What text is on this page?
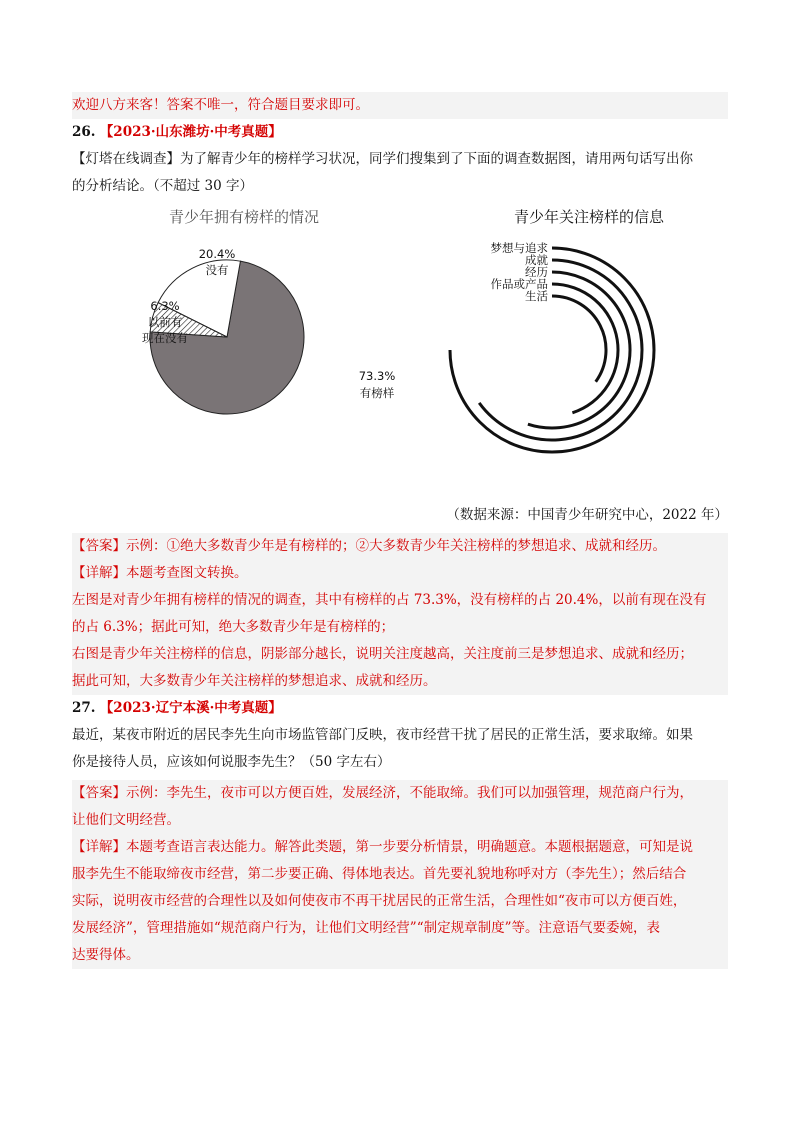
欢迎八方来客！答案不唯一，符合题目要求即可。
26. 【2023·山东潍坊·中考真题】
【灯塔在线调查】为了解青少年的榜样学习状况，同学们搜集到了下面的调查数据图，请用两句话写出你
的分析结论。（不超过 30 字）
青少年拥有榜样的情况
73.3%
有榜样
20.4%
没有
6.3%
以前有
现在没有
青少年关注榜样的信息
梦想与追求
成就
经历
作品或产品
生活
（数据来源：中国青少年研究中心，2022 年）
【答案】示例：①绝大多数青少年是有榜样的；②大多数青少年关注榜样的梦想追求、成就和经历。
【详解】本题考查图文转换。
左图是对青少年拥有榜样的情况的调查，其中有榜样的占 73.3%，没有榜样的占 20.4%，以前有现在没有
的占 6.3%；据此可知，绝大多数青少年是有榜样的；
右图是青少年关注榜样的信息，阴影部分越长，说明关注度越高，关注度前三是梦想追求、成就和经历；
据此可知，大多数青少年关注榜样的梦想追求、成就和经历。
27. 【2023·辽宁本溪·中考真题】
最近，某夜市附近的居民李先生向市场监管部门反映，夜市经营干扰了居民的正常生活，要求取缔。如果
你是接待人员，应该如何说服李先生？（50 字左右）
【答案】示例：李先生，夜市可以方便百姓，发展经济，不能取缔。我们可以加强管理，规范商户行为，
让他们文明经营。
【详解】本题考查语言表达能力。解答此类题，第一步要分析情景，明确题意。本题根据题意，可知是说
服李先生不能取缔夜市经营，第二步要正确、得体地表达。首先要礼貌地称呼对方（李先生）；然后结合
实际，说明夜市经营的合理性以及如何使夜市不再干扰居民的正常生活，合理性如“夜市可以方便百姓，
发展经济”，管理措施如“规范商户行为，让他们文明经营”“制定规章制度”等。注意语气要委婉，表
达要得体。
